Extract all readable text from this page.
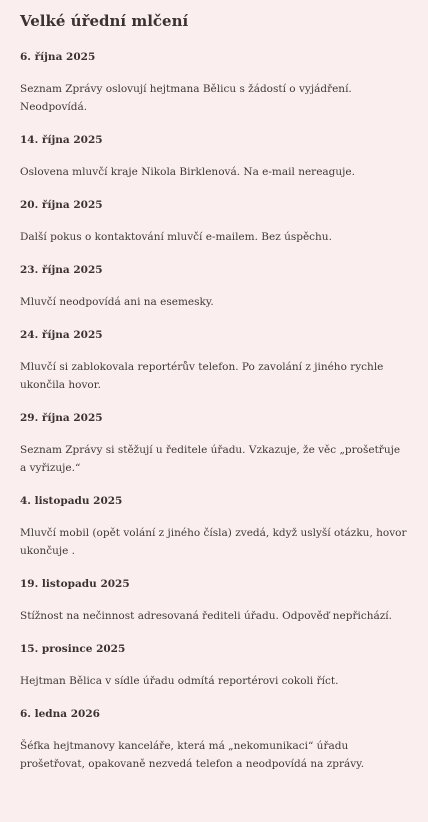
Velké úřední mlčení

6. října 2025

Seznam Zprávy oslovují hejtmana Bělicu s žádostí o vyjádření. Neodpovídá.

14. října 2025

Oslovena mluvčí kraje Nikola Birklenová. Na e-mail nereaguje.

20. října 2025

Další pokus o kontaktování mluvčí e-mailem. Bez úspěchu.

23. října 2025

Mluvčí neodpovídá ani na esemesky.

24. října 2025

Mluvčí si zablokovala reportérův telefon. Po zavolání z jiného rychle ukončila hovor.

29. října 2025

Seznam Zprávy si stěžují u ředitele úřadu. Vzkazuje, že věc „prošetřuje a vyřizuje.“

4. listopadu 2025

Mluvčí mobil (opět volání z jiného čísla) zvedá, když uslyší otázku, hovor ukončuje .

19. listopadu 2025

Stížnost na nečinnost adresovaná řediteli úřadu. Odpověď nepřichází.

15. prosince 2025

Hejtman Bělica v sídle úřadu odmítá reportérovi cokoli říct.

6. ledna 2026

Šéfka hejtmanovy kanceláře, která má „nekomunikaci“ úřadu prošetřovat, opakovaně nezvedá telefon a neodpovídá na zprávy.
